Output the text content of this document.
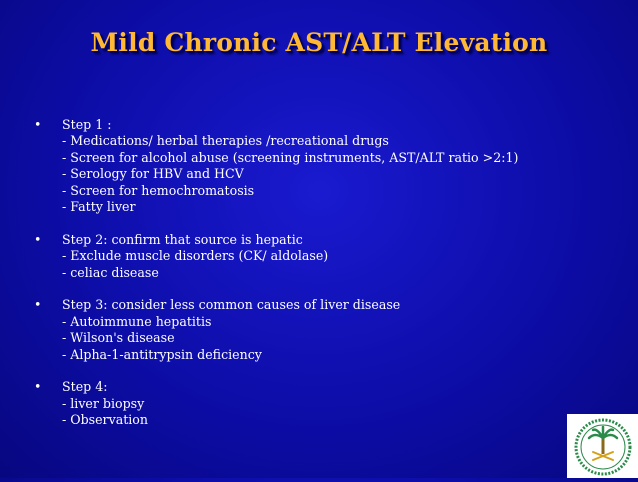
Mild Chronic AST/ALT Elevation
•	Step 1 :
- Medications/ herbal therapies /recreational drugs
- Screen for alcohol abuse (screening instruments, AST/ALT ratio >2:1)
- Serology for HBV and HCV
- Screen for hemochromatosis
- Fatty liver
•	Step 2: confirm that source is hepatic
- Exclude muscle disorders (CK/ aldolase)
- celiac disease
•	Step 3: consider less common causes of liver disease
- Autoimmune hepatitis
- Wilson's disease
- Alpha-1-antitrypsin deficiency
•	Step 4:
- liver biopsy
- Observation
